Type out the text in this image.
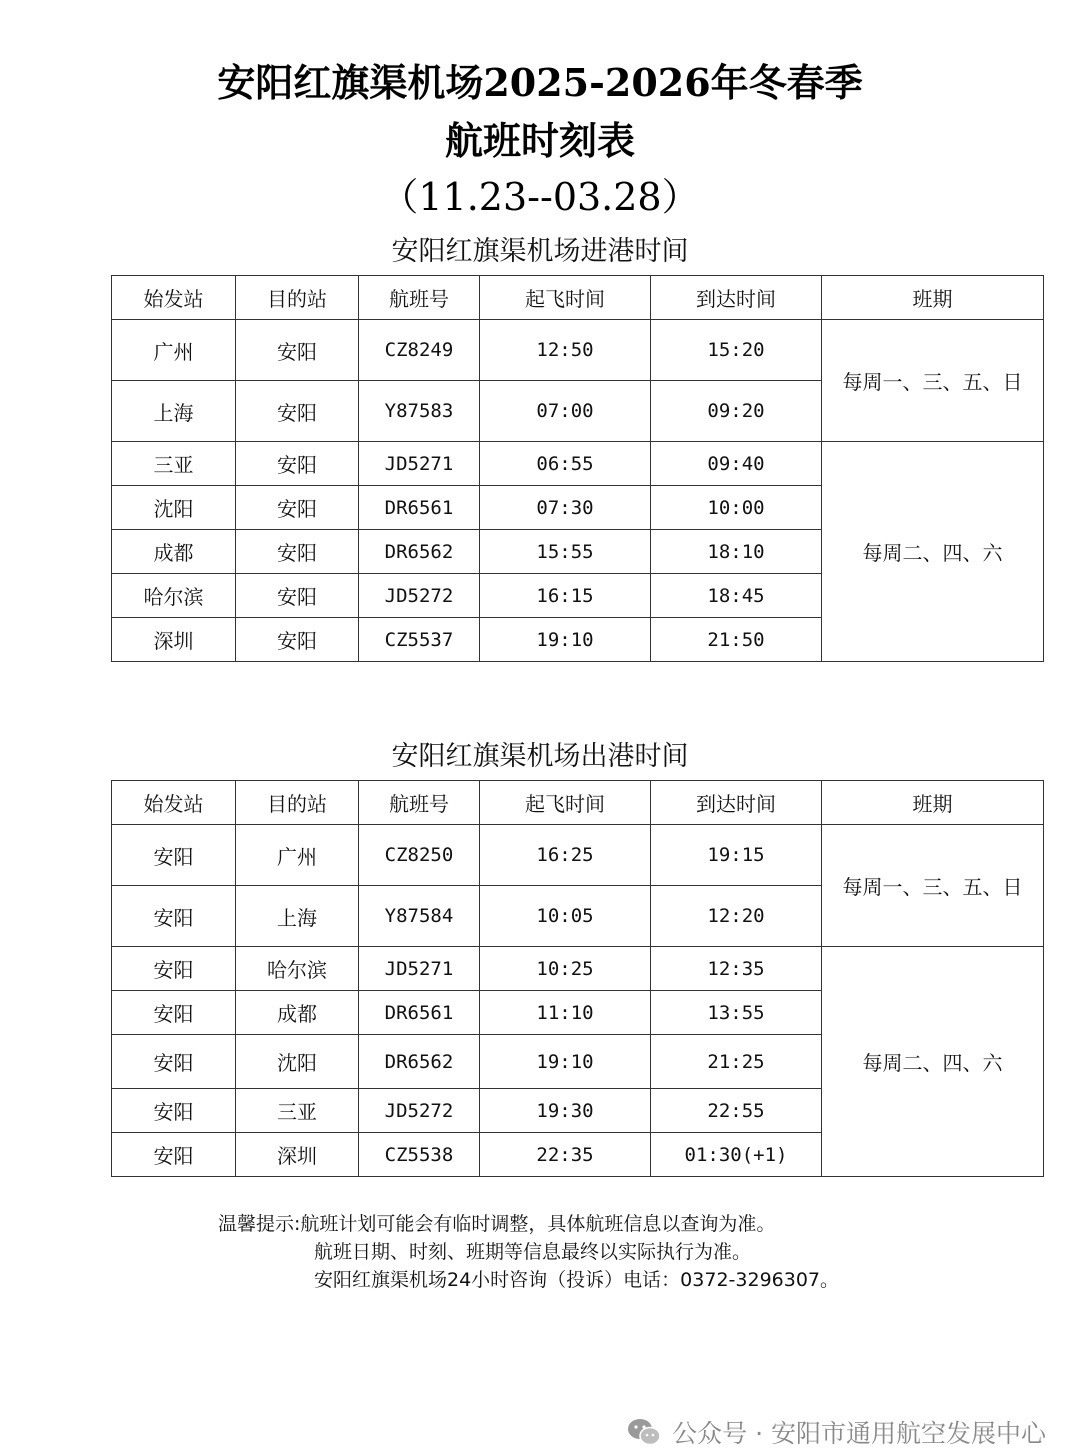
安阳红旗渠机场2025-2026年冬春季
航班时刻表
（11.23--03.28）
安阳红旗渠机场进港时间
始发站	目的站	航班号	起飞时间	到达时间	班期
广州	安阳	CZ8249	12:50	15:20	每周一、三、五、日
上海	安阳	Y87583	07:00	09:20	
三亚	安阳	JD5271	06:55	09:40	每周二、四、六
沈阳	安阳	DR6561	07:30	10:00	
成都	安阳	DR6562	15:55	18:10	
哈尔滨	安阳	JD5272	16:15	18:45	
深圳	安阳	CZ5537	19:10	21:50	
安阳红旗渠机场出港时间
始发站	目的站	航班号	起飞时间	到达时间	班期
安阳	广州	CZ8250	16:25	19:15	每周一、三、五、日
安阳	上海	Y87584	10:05	12:20	
安阳	哈尔滨	JD5271	10:25	12:35	每周二、四、六
安阳	成都	DR6561	11:10	13:55	
安阳	沈阳	DR6562	19:10	21:25	
安阳	三亚	JD5272	19:30	22:55	
安阳	深圳	CZ5538	22:35	01:30(+1)	
温馨提示:航班计划可能会有临时调整，具体航班信息以查询为准。
航班日期、时刻、班期等信息最终以实际执行为准。
安阳红旗渠机场24小时咨询（投诉）电话：0372-3296307。
公众号 · 安阳市通用航空发展中心
